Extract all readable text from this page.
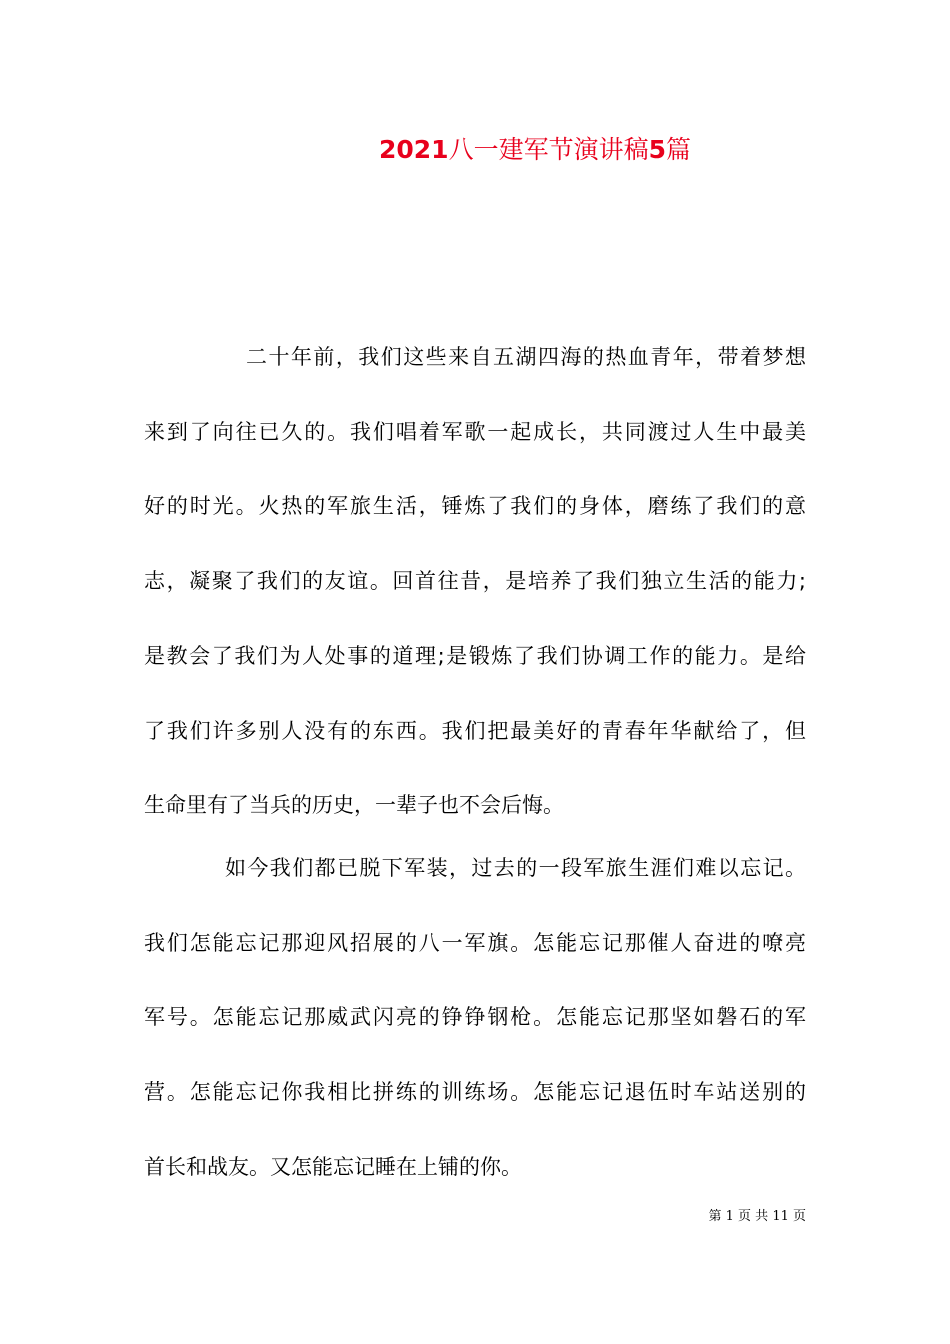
2021八一建军节演讲稿5篇
二十年前，我们这些来自五湖四海的热血青年，带着梦想
来到了向往已久的。我们唱着军歌一起成长，共同渡过人生中最美
好的时光。火热的军旅生活，锤炼了我们的身体，磨练了我们的意
志，凝聚了我们的友谊。回首往昔，是培养了我们独立生活的能力;
是教会了我们为人处事的道理;是锻炼了我们协调工作的能力。是给
了我们许多别人没有的东西。我们把最美好的青春年华献给了，但
生命里有了当兵的历史，一辈子也不会后悔。
如今我们都已脱下军装，过去的一段军旅生涯们难以忘记。
我们怎能忘记那迎风招展的八一军旗。怎能忘记那催人奋进的嘹亮
军号。怎能忘记那威武闪亮的铮铮钢枪。怎能忘记那坚如磐石的军
营。怎能忘记你我相比拼练的训练场。怎能忘记退伍时车站送别的
首长和战友。又怎能忘记睡在上铺的你。
第 1 页 共 11 页
